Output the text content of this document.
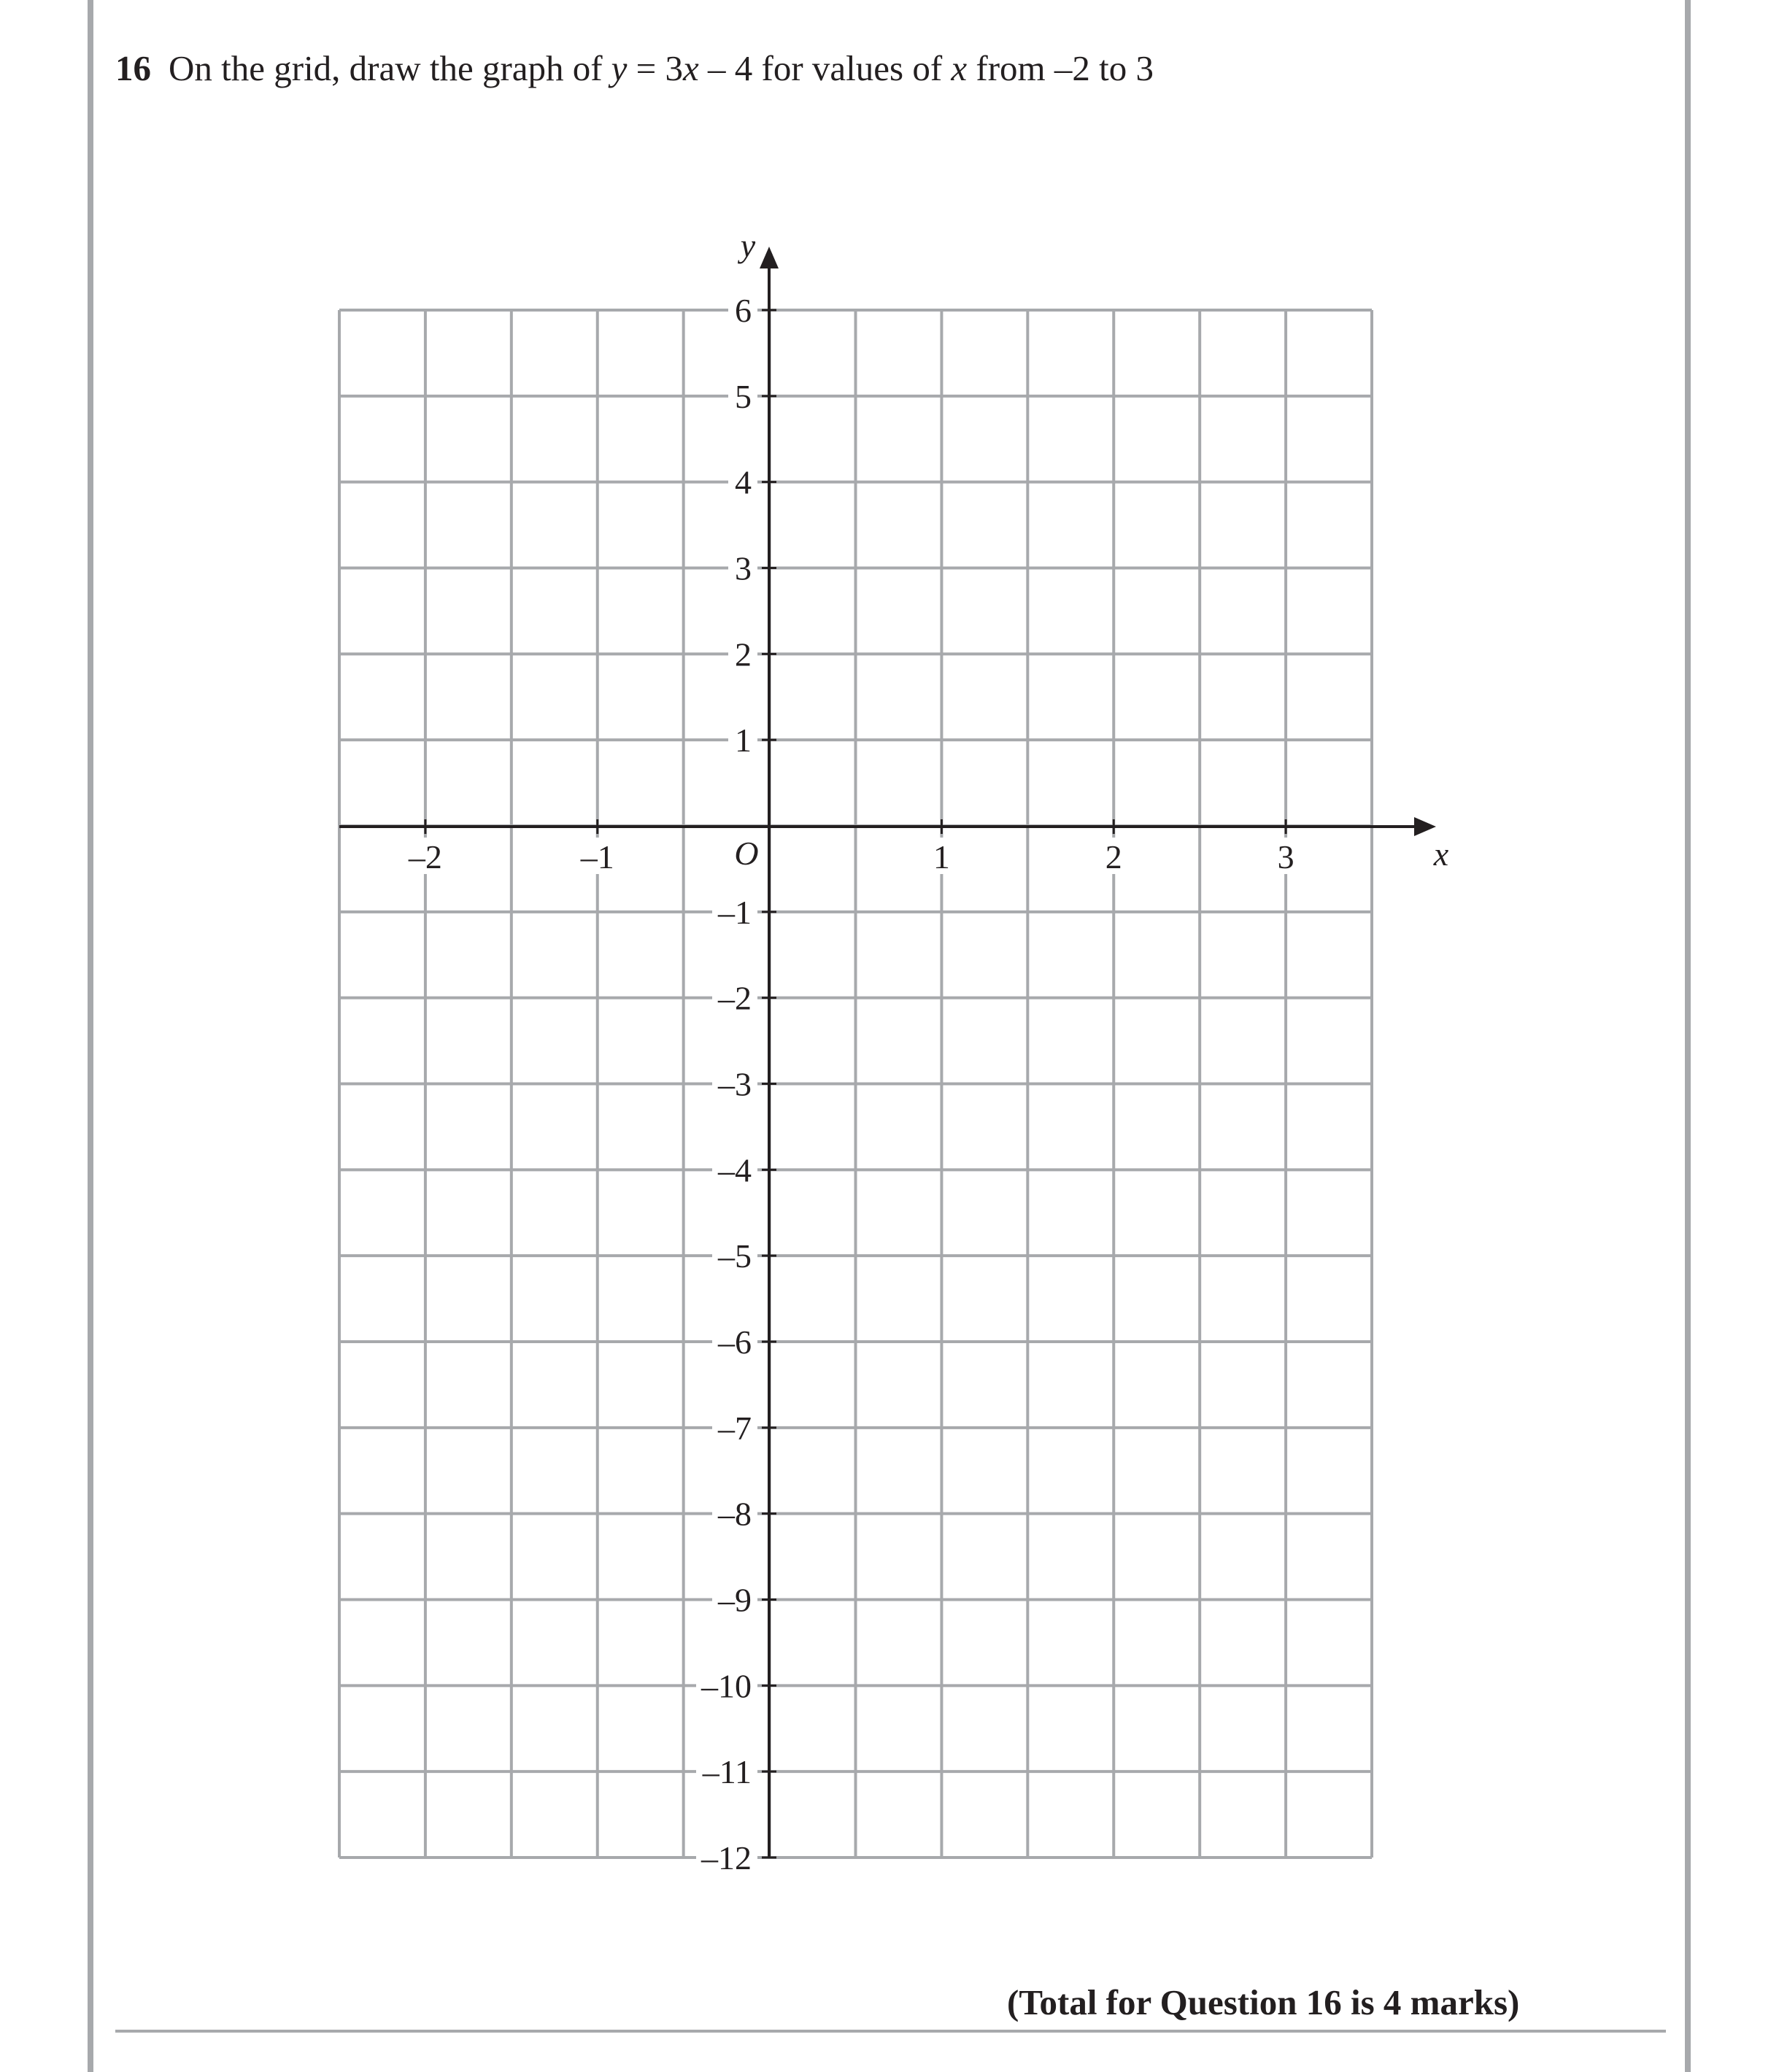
16 On the grid, draw the graph of y = 3x – 4 for values of x from –2 to 3
y
x
O
–2	–1	1	2	3
6
5
4
3
2
1
–1
–2
–3
–4
–5
–6
–7
–8
–9
–10
–11
–12
(Total for Question 16 is 4 marks)
